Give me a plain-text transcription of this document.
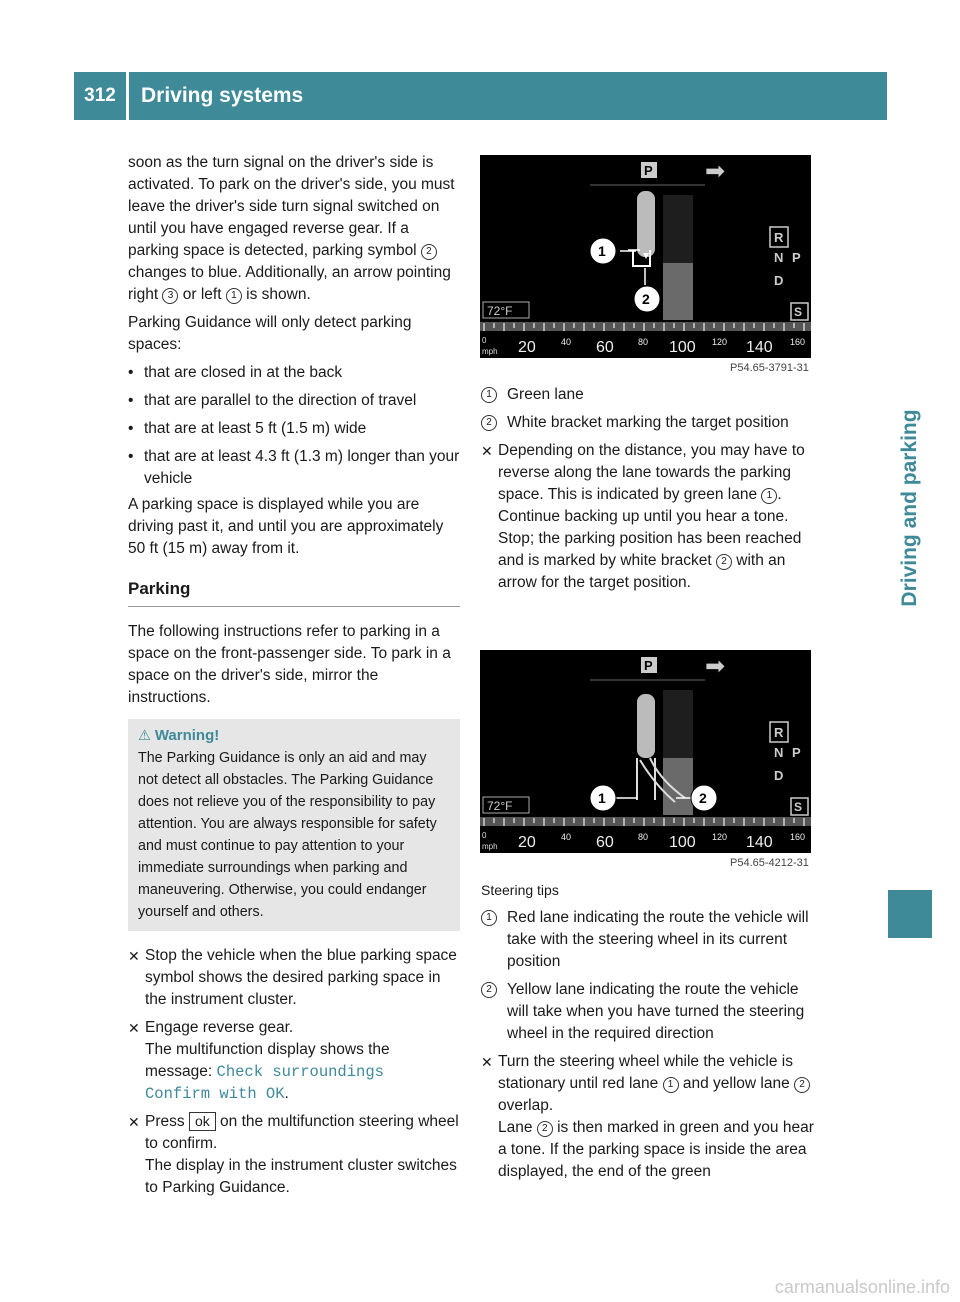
312	Driving systems
Driving and parking

soon as the turn signal on the driver's side is activated. To park on the driver's side, you must leave the driver's side turn signal switched on until you have engaged reverse gear. If a parking space is detected, parking symbol 2 changes to blue. Additionally, an arrow pointing right 3 or left 1 is shown.

Parking Guidance will only detect parking spaces:

• that are closed in at the back

• that are parallel to the direction of travel

• that are at least 5 ft (1.5 m) wide

• that are at least 4.3 ft (1.3 m) longer than your vehicle

A parking space is displayed while you are driving past it, and until you are approximately 50 ft (15 m) away from it.

Parking

The following instructions refer to parking in a space on the front-passenger side. To park in a space on the driver's side, mirror the instructions.

⚠ Warning!
The Parking Guidance is only an aid and may not detect all obstacles. The Parking Guidance does not relieve you of the responsibility to pay attention. You are always responsible for safety and must continue to pay attention to your immediate surroundings when parking and maneuvering. Otherwise, you could endanger yourself and others.

✕ Stop the vehicle when the blue parking space symbol shows the desired parking space in the instrument cluster.

✕ Engage reverse gear.
The multifunction display shows the message: Check surroundings
Confirm with OK.

✕ Press ok on the multifunction steering wheel to confirm.
The display in the instrument cluster switches to Parking Guidance.

P ➡
1
2
R
N P
D
S
72°F
0
mph 20	40 60	80 100 120 140 160
P54.65-3791-31

1 Green lane

2 White bracket marking the target position

✕ Depending on the distance, you may have to reverse along the lane towards the parking space. This is indicated by green lane 1 .
Continue backing up until you hear a tone. Stop; the parking position has been reached and is marked by white bracket 2 with an arrow for the target position.

P ➡
1	2
R
N P
D
S
72°F
0
mph 20	40 60	80 100 120 140 160
P54.65-4212-31

Steering tips

1 Red lane indicating the route the vehicle will take with the steering wheel in its current position

2 Yellow lane indicating the route the vehicle will take when you have turned the steering wheel in the required direction

✕ Turn the steering wheel while the vehicle is stationary until red lane 1 and yellow lane 2 overlap.
Lane 2 is then marked in green and you hear a tone. If the parking space is inside the area displayed, the end of the green

carmanualsonline.info
